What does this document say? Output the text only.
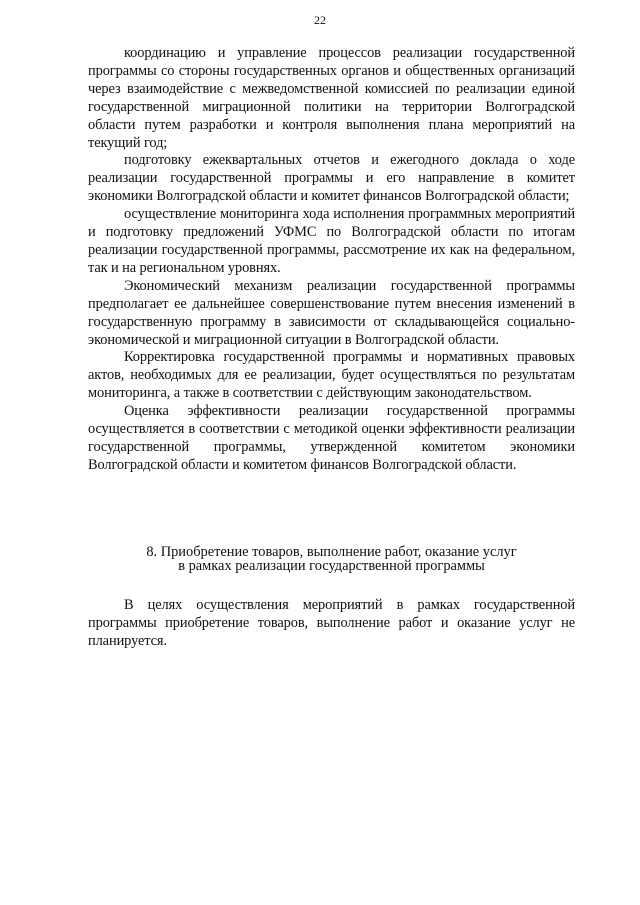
22

координацию и управление процессов реализации государственной программы со стороны государственных органов и общественных организаций через взаимодействие с межведомственной комиссией по реализации единой государственной миграционной политики на территории Волгоградской области путем разработки и контроля выполнения плана мероприятий на текущий год;

подготовку ежеквартальных отчетов и ежегодного доклада о ходе реализации государственной программы и его направление в комитет экономики Волгоградской области и комитет финансов Волгоградской области;

осуществление мониторинга хода исполнения программных мероприятий и подготовку предложений УФМС по Волгоградской области по итогам реализации государственной программы, рассмотрение их как на федеральном, так и на региональном уровнях.

Экономический механизм реализации государственной программы предполагает ее дальнейшее совершенствование путем внесения изменений в государственную программу в зависимости от складывающейся социально-экономической и миграционной ситуации в Волгоградской области.

Корректировка государственной программы и нормативных правовых актов, необходимых для ее реализации, будет осуществляться по результатам мониторинга, а также в соответствии с действующим законодательством.

Оценка эффективности реализации государственной программы осуществляется в соответствии с методикой оценки эффективности реализации государственной программы, утвержденной комитетом экономики Волгоградской области и комитетом финансов Волгоградской области.

8. Приобретение товаров, выполнение работ, оказание услуг
в рамках реализации государственной программы

В целях осуществления мероприятий в рамках государственной программы приобретение товаров, выполнение работ и оказание услуг не планируется.
